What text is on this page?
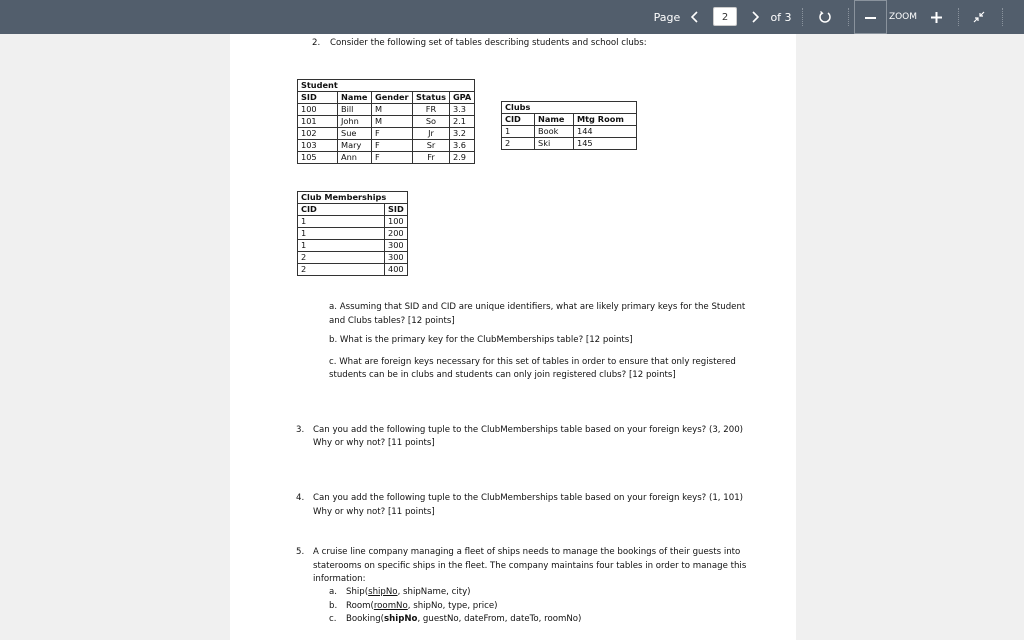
Page	2	of 3	ZOOM
2. Consider the following set of tables describing students and school clubs:
Student				
SID	Name	Gender	Status	GPA
100	Bill	M	FR	3.3
101	John	M	So	2.1
102	Sue	F	Jr	3.2
103	Mary	F	Sr	3.6
105	Ann	F	Fr	2.9
Clubs		
CID	Name	Mtg Room
1	Book	144
2	Ski	145
Club Memberships	
CID	SID
1	100
1	200
1	300
2	300
2	400
a. Assuming that SID and CID are unique identifiers, what are likely primary keys for the Student
and Clubs tables? [12 points]
b. What is the primary key for the ClubMemberships table? [12 points]
c. What are foreign keys necessary for this set of tables in order to ensure that only registered
students can be in clubs and students can only join registered clubs? [12 points]
3. Can you add the following tuple to the ClubMemberships table based on your foreign keys? (3, 200)
Why or why not? [11 points]
4. Can you add the following tuple to the ClubMemberships table based on your foreign keys? (1, 101)
Why or why not? [11 points]
5. A cruise line company managing a fleet of ships needs to manage the bookings of their guests into
staterooms on specific ships in the fleet. The company maintains four tables in order to manage this
information:
a. Ship(shipNo, shipName, city)
b. Room(roomNo, shipNo, type, price)
c. Booking(shipNo, guestNo, dateFrom, dateTo, roomNo)
